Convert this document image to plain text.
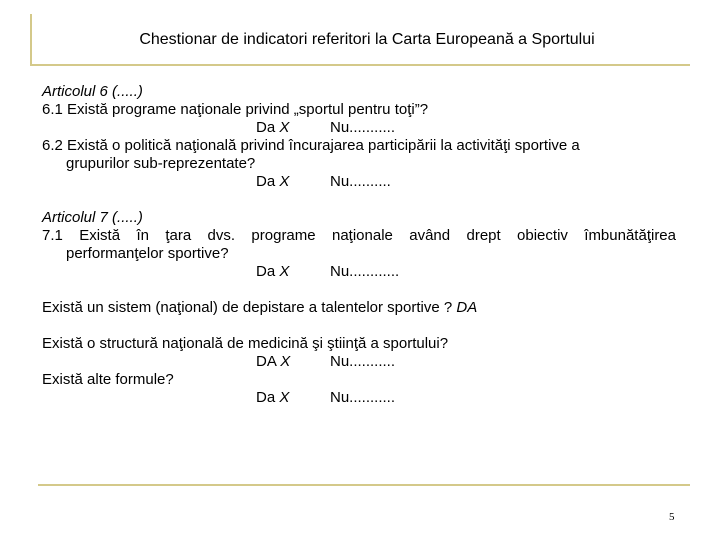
Chestionar de indicatori referitori la Carta Europeană a Sportului
Articolul 6 (.....)
6.1 Există programe naţionale privind „sportul pentru toţi”?
Da X	Nu...........
6.2 Există o politică naţională privind încurajarea participării la activităţi sportive a
grupurilor sub-reprezentate?
Da X	Nu..........
Articolul 7 (.....)
7.1 Există în ţara dvs. programe naţionale având drept obiectiv îmbunătăţirea
performanţelor sportive?
Da X	Nu............
Există un sistem (naţional) de depistare a talentelor sportive ? DA
Există o structură naţională de medicină şi ştiinţă a sportului?
DA X	Nu...........
Există alte formule?
Da X	Nu...........
5
